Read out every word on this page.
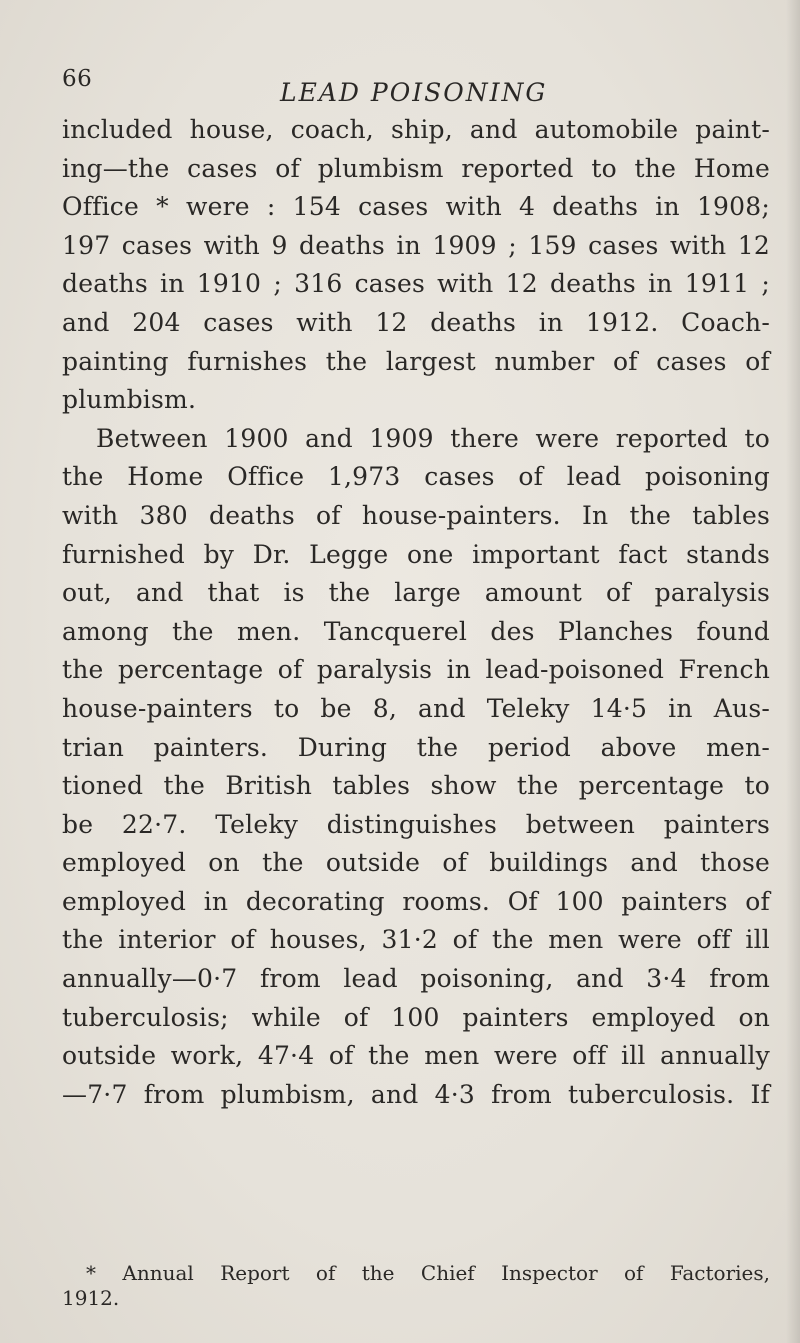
66	LEAD POISONING
included house, coach, ship, and automobile paint-
ing—the cases of plumbism reported to the Home
Office * were : 154 cases with 4 deaths in 1908;
197 cases with 9 deaths in 1909 ; 159 cases with 12
deaths in 1910 ; 316 cases with 12 deaths in 1911 ;
and 204 cases with 12 deaths in 1912. Coach-
painting furnishes the largest number of cases of
plumbism.
Between 1900 and 1909 there were reported to
the Home Office 1,973 cases of lead poisoning
with 380 deaths of house-painters. In the tables
furnished by Dr. Legge one important fact stands
out, and that is the large amount of paralysis
among the men. Tancquerel des Planches found
the percentage of paralysis in lead-poisoned French
house-painters to be 8, and Teleky 14·5 in Aus-
trian painters. During the period above men-
tioned the British tables show the percentage to
be 22·7. Teleky distinguishes between painters
employed on the outside of buildings and those
employed in decorating rooms. Of 100 painters of
the interior of houses, 31·2 of the men were off ill
annually—0·7 from lead poisoning, and 3·4 from
tuberculosis; while of 100 painters employed on
outside work, 47·4 of the men were off ill annually
—7·7 from plumbism, and 4·3 from tuberculosis. If
* Annual Report of the Chief Inspector of Factories,
1912.
